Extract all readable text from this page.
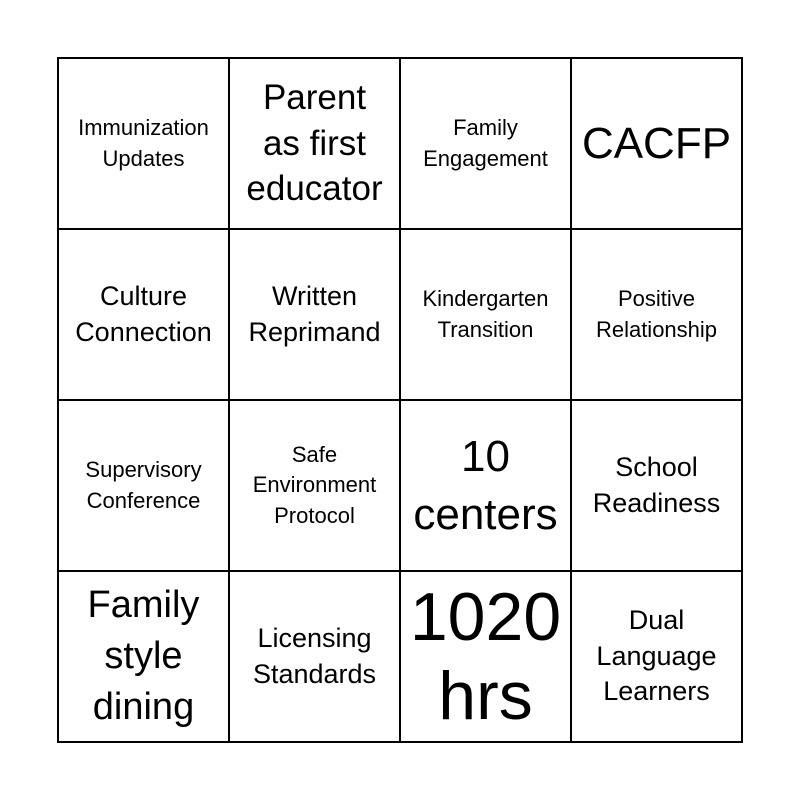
Immunization
Updates
Parent
as first
educator
Family
Engagement CACFP
Culture
Connection
Written
Reprimand
Kindergarten
Transition
Positive
Relationship
Supervisory
Conference
Safe
Environment
Protocol
10
centers
School
Readiness
Family
style
dining
Licensing
Standards
1020
hrs
Dual
Language
Learners
